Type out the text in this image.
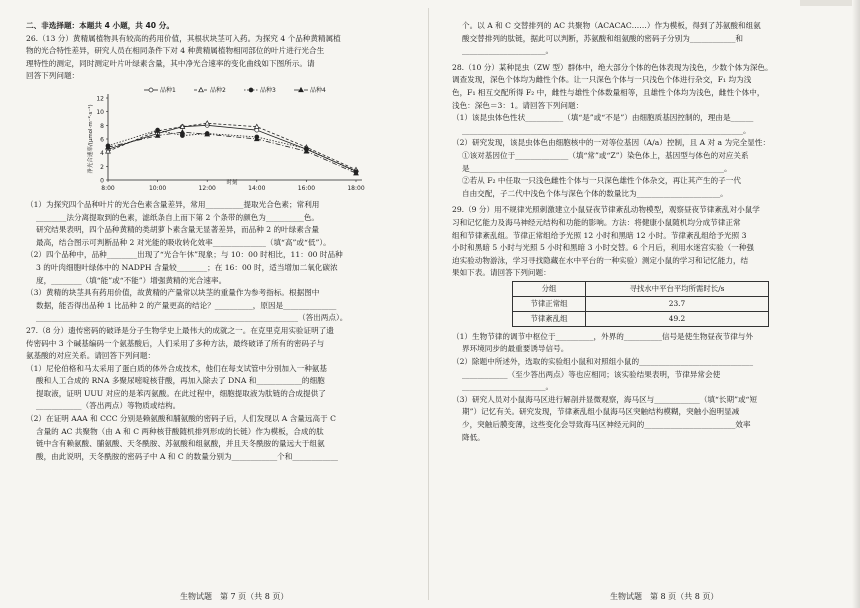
二、非选择题：本题共 4 小题，共 40 分。

26.（13 分）黄精属植物具有较高的药用价值，其根状块茎可入药。为探究 4 个品种黄精属植

物的光合特性差异，研究人员在相同条件下对 4 种黄精属植物相同部位的叶片进行光合生

理特性的测定，同时测定叶片叶绿素含量，其中净光合速率的变化曲线如下图所示。请

回答下列问题：

0
2
4
6
8
10
12
8:00	10:00	12:00	14:00	16:00	18:00
时刻
净光合速率/(μmol·m⁻²·s⁻¹)
品种1	品种2	品种3	品种4

（1）为探究四个品种叶片的光合色素含量差异，常用__________提取光合色素；常利用

________法分离提取到的色素，滤纸条自上而下第 2 个条带的颜色为__________色。

研究结果表明，四个品种黄精的类胡萝卜素含量无显著差异，而品种 2 的叶绿素含量

最高，结合图示可判断品种 2 对光能的吸收转化效率______________（填“高”或“低”）。

（2）四个品种中，品种________出现了“光合午休”现象；与 10：00 时相比，11：00 时品种

3 的叶肉细胞叶绿体中的 NADPH 含量较________；在 16：00 时，适当增加二氧化碳浓

度，________（填“能”或“不能”）增强黄精的光合速率。

（3）黄精的块茎具有药用价值，故黄精的产量常以块茎的重量作为参考指标。根据图中

数据，能否得出品种 1 比品种 2 的产量更高的结论？__________，原因是______________

_____________________________________________________________________（答出两点）。

27.（8 分）遗传密码的破译是分子生物学史上最伟大的成就之一。在克里克用实验证明了遗

传密码中 3 个碱基编码一个氨基酸后，人们采用了多种方法，最终破译了所有的密码子与

氨基酸的对应关系。请回答下列问题：

（1）尼伦伯格和马太采用了蛋白质的体外合成技术，他们在每支试管中分别加入一种氨基

酸和人工合成的 RNA 多聚尿嘧啶核苷酸，再加入除去了 DNA 和____________的细胞

提取液，证明 UUU 对应的是苯丙氨酸。在此过程中，细胞提取液为肽链的合成提供了

____________（答出两点）等物质或结构。

（2）在证明 AAA 和 CCC 分别是赖氨酸和脯氨酸的密码子后，人们发现以 A 含量远高于 C

含量的 AC 共聚物（由 A 和 C 两种核苷酸随机排列形成的长链）作为模板，合成的肽

链中含有赖氨酸、脯氨酸、天冬酰胺、苏氨酸和组氨酸，并且天冬酰胺的量远大于组氨

酸，由此说明，天冬酰胺的密码子中 A 和 C 的数量分别为____________个和____________

生物试题　第 7 页（共 8 页）

个。以 A 和 C 交替排列的 AC 共聚物（ACACAC……）作为模板，得到了苏氨酸和组氨

酸交替排列的肽链，据此可以判断，苏氨酸和组氨酸的密码子分别为____________和

______________________。

28.（10 分）某种昆虫（ZW 型）群体中，绝大部分个体的色体表现为浅色，少数个体为深色。

调查发现，深色个体均为雌性个体。让一只深色个体与一只浅色个体进行杂交，F₁ 均为浅

色，F₁ 相互交配所得 F₂ 中，雌性与雄性个体数量相等，且雄性个体均为浅色，雌性个体中，

浅色：深色＝3：1。请回答下列问题：

（1）该昆虫体色性状__________（填“是”或“不是”）由细胞质基因控制的，理由是______

__________________________________________________________________________。

（2）研究发现，该昆虫体色由细胞核中的一对等位基因（A/a）控制，且 A 对 a 为完全显性：

①该对基因位于______________（填“常”或“Z”）染色体上，基因型与体色的对应关系

是___________________________________________________________________。

②若从 F₂ 中任取一只浅色雌性个体与一只深色雄性个体杂交，再让其产生的子一代

自由交配，子二代中浅色个体与深色个体的数量比为______________________。

29.（9 分）用不规律光照刺激建立小鼠昼夜节律紊乱动物模型，观察昼夜节律紊乱对小鼠学

习和记忆能力及海马神经元结构和功能的影响。方法：将健康小鼠随机均分成节律正常

组和节律紊乱组。节律正常组给予光照 12 小时和黑暗 12 小时。节律紊乱组给予光照 3

小时和黑暗 5 小时与光照 5 小时和黑暗 3 小时交替。6 个月后，利用水迷宫实验（一种强

迫实验动物游泳，学习寻找隐藏在水中平台的一种实验）测定小鼠的学习和记忆能力，结

果如下表。请回答下列问题：

分组	寻找水中平台平均所需时长/s
节律正常组	23.7
节律紊乱组	49.2

（1）生物节律的调节中枢位于__________，外界的__________信号是使生物昼夜节律与外

界环境同步的最重要诱导信号。

（2）除题中所述外，选取的实验组小鼠和对照组小鼠的______________________________

____________（至少答出两点）等也应相同；该实验结果表明，节律异常会使

______________________。

（3）研究人员对小鼠海马区进行解剖并显微观察，海马区与____________（填“长期”或“短

期”）记忆有关。研究发现，节律紊乱组小鼠海马区突触结构模糊，突触小泡明显减

少，突触后膜变薄，这些变化会导致海马区神经元间的________________________效率

降低。

生物试题　第 8 页（共 8 页）
